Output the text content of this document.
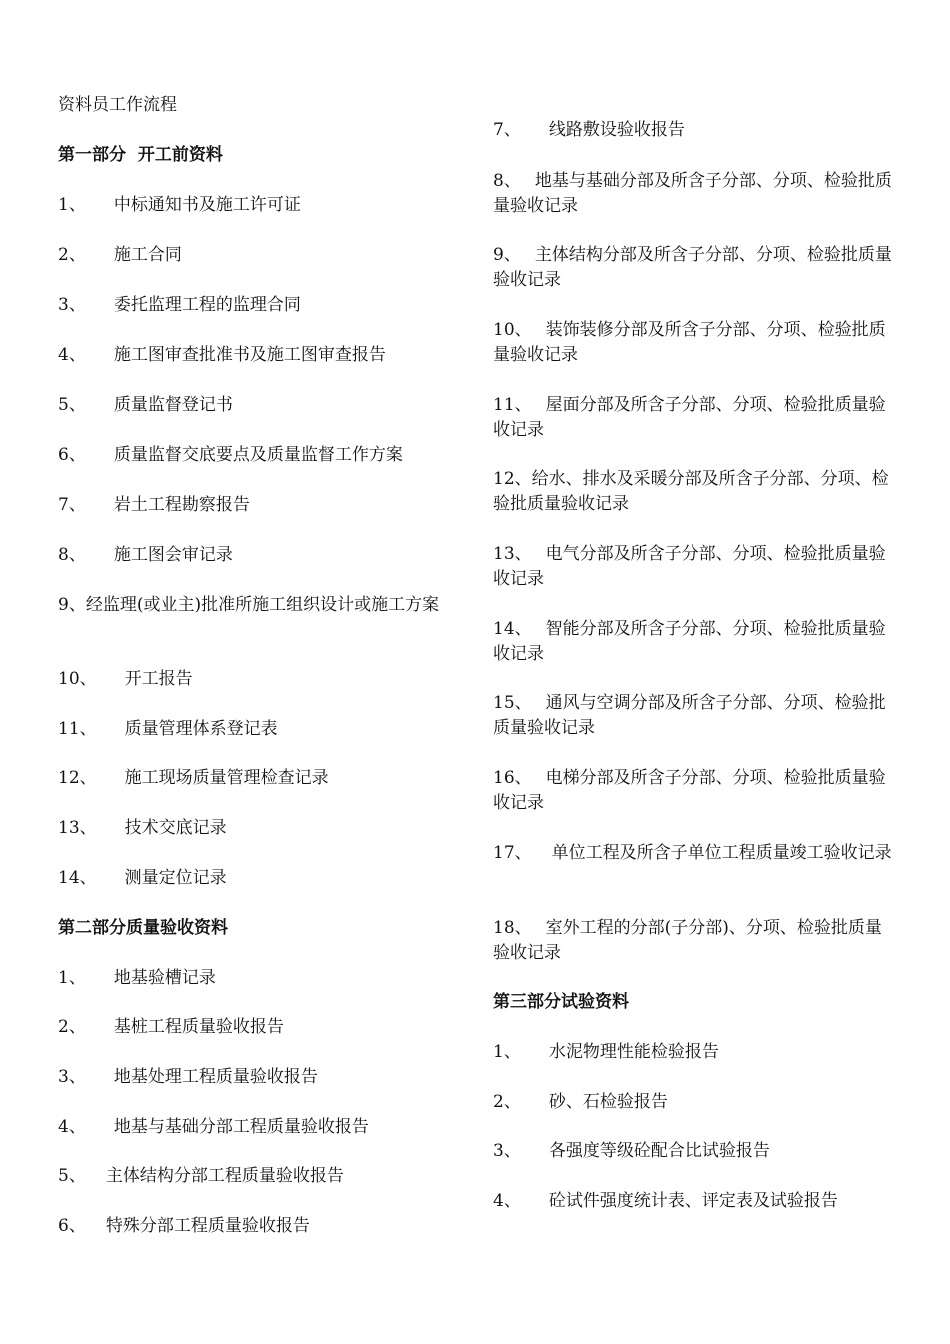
资料员工作流程
第一部分  开工前资料
1、 中标通知书及施工许可证
2、 施工合同
3、 委托监理工程的监理合同
4、 施工图审查批准书及施工图审查报告
5、 质量监督登记书
6、 质量监督交底要点及质量监督工作方案
7、 岩土工程勘察报告
8、 施工图会审记录
9、经监理(或业主)批准所施工组织设计或施工方案
10、 开工报告
11、 质量管理体系登记表
12、 施工现场质量管理检查记录
13、 技术交底记录
14、 测量定位记录
第二部分质量验收资料
1、 地基验槽记录
2、 基桩工程质量验收报告
3、 地基处理工程质量验收报告
4、 地基与基础分部工程质量验收报告
5、 主体结构分部工程质量验收报告
6、 特殊分部工程质量验收报告
7、 线路敷设验收报告
8、 地基与基础分部及所含子分部、分项、检验批质量验收记录
9、 主体结构分部及所含子分部、分项、检验批质量验收记录
10、 装饰装修分部及所含子分部、分项、检验批质量验收记录
11、 屋面分部及所含子分部、分项、检验批质量验收记录
12、给水、排水及采暖分部及所含子分部、分项、检验批质量验收记录
13、 电气分部及所含子分部、分项、检验批质量验收记录
14、 智能分部及所含子分部、分项、检验批质量验收记录
15、 通风与空调分部及所含子分部、分项、检验批质量验收记录
16、 电梯分部及所含子分部、分项、检验批质量验收记录
17、 单位工程及所含子单位工程质量竣工验收记录
18、 室外工程的分部(子分部)、分项、检验批质量验收记录
第三部分试验资料
1、 水泥物理性能检验报告
2、 砂、石检验报告
3、 各强度等级砼配合比试验报告
4、 砼试件强度统计表、评定表及试验报告
